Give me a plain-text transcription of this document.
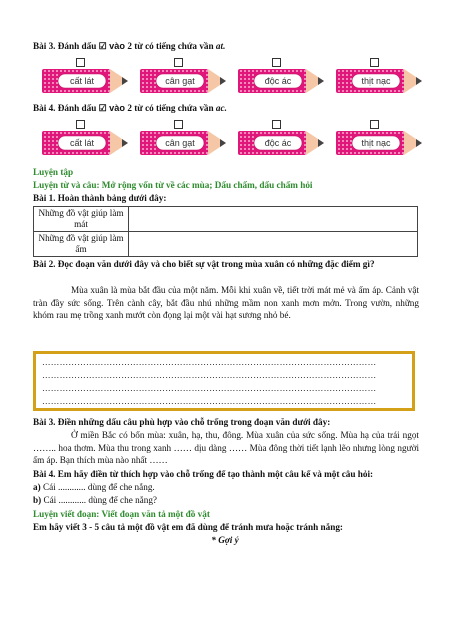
Bài 3. Đánh dấu ☑ vào 2 từ có tiếng chứa vần at.
cất lát	cân gạt	độc ác	thịt nạc
Bài 4. Đánh dấu ☑ vào 2 từ có tiếng chứa vần ac.
cất lát	cân gạt	độc ác	thịt nạc
Luyện tập
Luyện từ và câu: Mở rộng vốn từ về các mùa; Dấu chấm, dấu chấm hỏi
Bài 1. Hoàn thành bảng dưới đây:
Những đồ vật giúp làm mát	
Những đồ vật giúp làm ấm	
Bài 2. Đọc đoạn văn dưới đây và cho biết sự vật trong mùa xuân có những đặc điểm gì?
Mùa xuân là mùa bắt đầu của một năm. Mỗi khi xuân về, tiết trời mát mẻ và ấm áp. Cảnh vật tràn đầy sức sống. Trên cành cây, bắt đầu nhú những mầm non xanh mơn mởn. Trong vườn, những khóm rau mẹ trồng xanh mướt còn đọng lại một vài hạt sương nhỏ bé.
……………………………………………………………………………………………………
……………………………………………………………………………………………………
……………………………………………………………………………………………………
……………………………………………………………………………………………………
Bài 3. Điền những dấu câu phù hợp vào chỗ trống trong đoạn văn dưới đây:
Ở miền Bắc có bốn mùa: xuân, hạ, thu, đông. Mùa xuân của sức sống. Mùa hạ của trái ngọt …….. hoa thơm. Mùa thu trong xanh …… dịu dàng …… Mùa đông thời tiết lạnh lẽo nhưng lòng người ấm áp. Bạn thích mùa nào nhất ……
Bài 4. Em hãy điền từ thích hợp vào chỗ trống để tạo thành một câu kể và một câu hỏi:
a) Cái ............ dùng để che nắng.
b) Cái ............ dùng để che nắng?
Luyện viết đoạn: Viết đoạn văn tả một đồ vật
Em hãy viết 3 - 5 câu tả một đồ vật em đã dùng để tránh mưa hoặc tránh nắng:
* Gợi ý
